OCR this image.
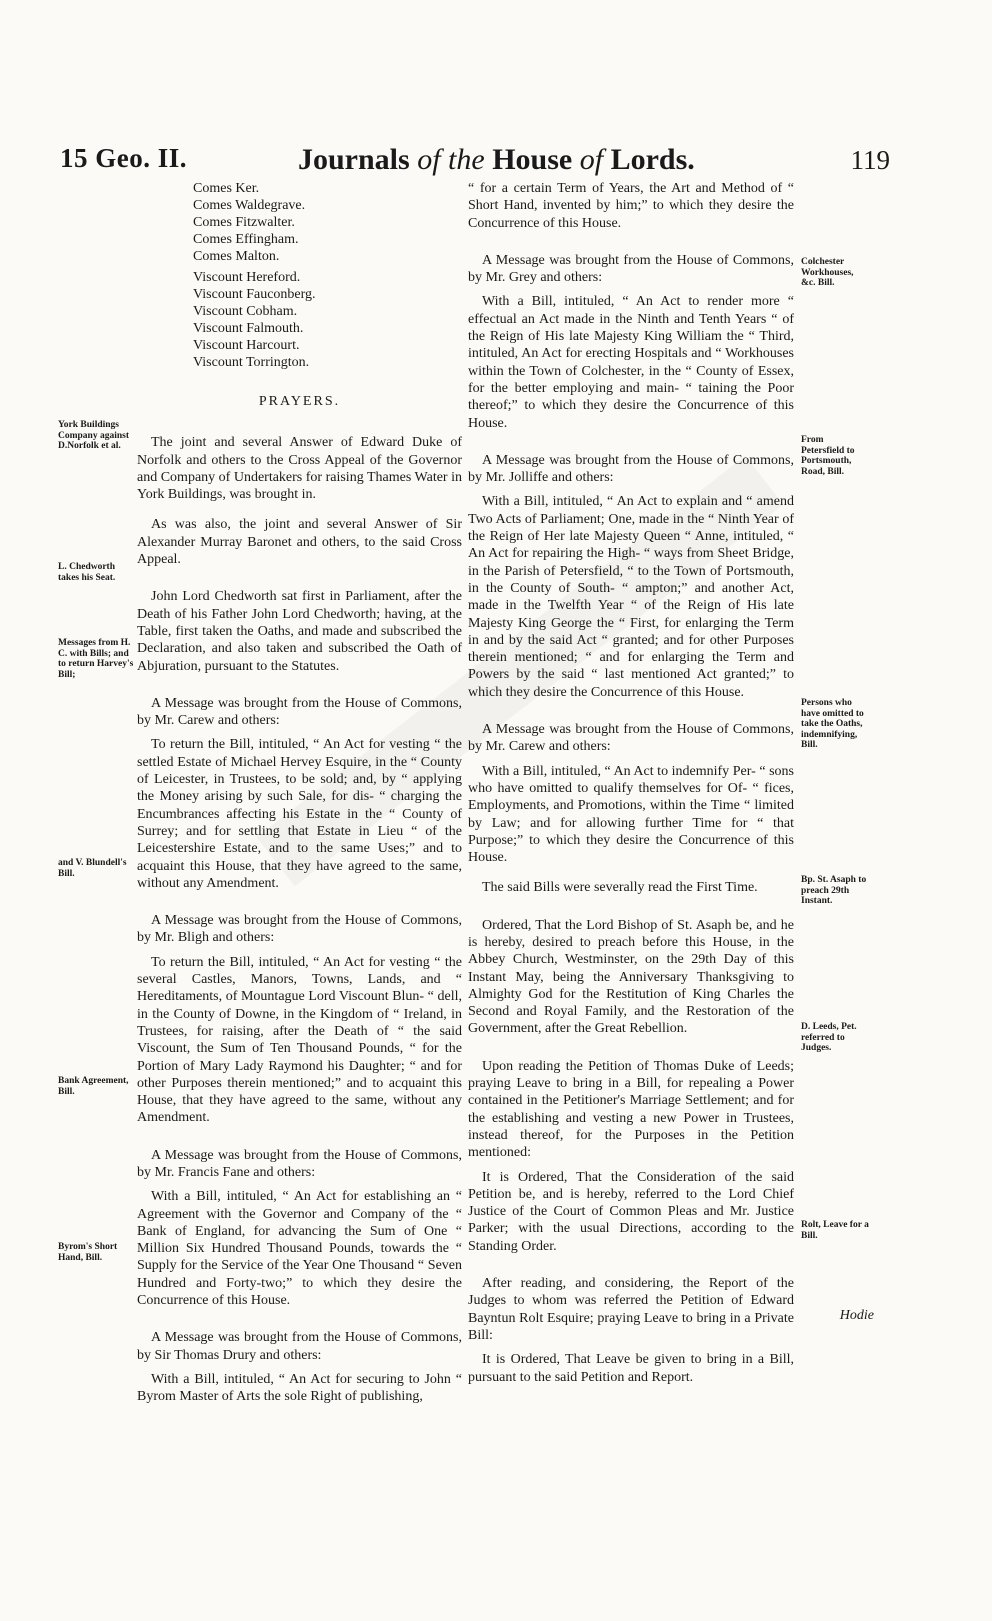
15 Geo. II.	Journals of the House of Lords.	119
Comes Ker.
Comes Waldegrave.
Comes Fitzwalter.
Comes Effingham.
Comes Malton.
Viscount Hereford.
Viscount Fauconberg.
Viscount Cobham.
Viscount Falmouth.
Viscount Harcourt.
Viscount Torrington.
PRAYERS.

The joint and several Answer of Edward Duke of Norfolk and others to the Cross Appeal of the Governor and Company of Undertakers for raising Thames Water in York Buildings, was brought in.

As was also, the joint and several Answer of Sir Alexander Murray Baronet and others, to the said Cross Appeal.

John Lord Chedworth sat first in Parliament, after the Death of his Father John Lord Chedworth; having, at the Table, first taken the Oaths, and made and subscribed the Declaration, and also taken and subscribed the Oath of Abjuration, pursuant to the Statutes.

A Message was brought from the House of Commons, by Mr. Carew and others:

To return the Bill, intituled, “ An Act for vesting “ the settled Estate of Michael Hervey Esquire, in the “ County of Leicester, in Trustees, to be sold; and, by “ applying the Money arising by such Sale, for dis- “ charging the Encumbrances affecting his Estate in the “ County of Surrey; and for settling that Estate in Lieu “ of the Leicestershire Estate, and to the same Uses;” and to acquaint this House, that they have agreed to the same, without any Amendment.

A Message was brought from the House of Commons, by Mr. Bligh and others:

To return the Bill, intituled, “ An Act for vesting “ the several Castles, Manors, Towns, Lands, and “ Hereditaments, of Mountague Lord Viscount Blun- “ dell, in the County of Downe, in the Kingdom of “ Ireland, in Trustees, for raising, after the Death of “ the said Viscount, the Sum of Ten Thousand Pounds, “ for the Portion of Mary Lady Raymond his Daughter; “ and for other Purposes therein mentioned;” and to acquaint this House, that they have agreed to the same, without any Amendment.

A Message was brought from the House of Commons, by Mr. Francis Fane and others:

With a Bill, intituled, “ An Act for establishing an “ Agreement with the Governor and Company of the “ Bank of England, for advancing the Sum of One “ Million Six Hundred Thousand Pounds, towards the “ Supply for the Service of the Year One Thousand “ Seven Hundred and Forty-two;” to which they desire the Concurrence of this House.

A Message was brought from the House of Commons, by Sir Thomas Drury and others:

With a Bill, intituled, “ An Act for securing to John “ Byrom Master of Arts the sole Right of publishing,

“ for a certain Term of Years, the Art and Method of “ Short Hand, invented by him;” to which they desire the Concurrence of this House.

A Message was brought from the House of Commons, by Mr. Grey and others:

With a Bill, intituled, “ An Act to render more “ effectual an Act made in the Ninth and Tenth Years “ of the Reign of His late Majesty King William the “ Third, intituled, An Act for erecting Hospitals and “ Workhouses within the Town of Colchester, in the “ County of Essex, for the better employing and main- “ taining the Poor thereof;” to which they desire the Concurrence of this House.

A Message was brought from the House of Commons, by Mr. Jolliffe and others:

With a Bill, intituled, “ An Act to explain and “ amend Two Acts of Parliament; One, made in the “ Ninth Year of the Reign of Her late Majesty Queen “ Anne, intituled, “ An Act for repairing the High- “ ways from Sheet Bridge, in the Parish of Petersfield, “ to the Town of Portsmouth, in the County of South- “ ampton;” and another Act, made in the Twelfth Year “ of the Reign of His late Majesty King George the “ First, for enlarging the Term in and by the said Act “ granted; and for other Purposes therein mentioned; “ and for enlarging the Term and Powers by the said “ last mentioned Act granted;” to which they desire the Concurrence of this House.

A Message was brought from the House of Commons, by Mr. Carew and others:

With a Bill, intituled, “ An Act to indemnify Per- “ sons who have omitted to qualify themselves for Of- “ fices, Employments, and Promotions, within the Time “ limited by Law; and for allowing further Time for “ that Purpose;” to which they desire the Concurrence of this House.

The said Bills were severally read the First Time.

Ordered, That the Lord Bishop of St. Asaph be, and he is hereby, desired to preach before this House, in the Abbey Church, Westminster, on the 29th Day of this Instant May, being the Anniversary Thanksgiving to Almighty God for the Restitution of King Charles the Second and Royal Family, and the Restoration of the Government, after the Great Rebellion.

Upon reading the Petition of Thomas Duke of Leeds; praying Leave to bring in a Bill, for repealing a Power contained in the Petitioner's Marriage Settlement; and for the establishing and vesting a new Power in Trustees, instead thereof, for the Purposes in the Petition mentioned:

It is Ordered, That the Consideration of the said Petition be, and is hereby, referred to the Lord Chief Justice of the Court of Common Pleas and Mr. Justice Parker; with the usual Directions, according to the Standing Order.

After reading, and considering, the Report of the Judges to whom was referred the Petition of Edward Bayntun Rolt Esquire; praying Leave to bring in a Private Bill:

It is Ordered, That Leave be given to bring in a Bill, pursuant to the said Petition and Report.

Hodie
York Buildings Company against D.Norfolk et al.
L. Chedworth takes his Seat.
Messages from H. C. with Bills; and to return Harvey's Bill;
and V. Blundell's Bill.
Bank Agreement, Bill.
Byrom's Short Hand, Bill.
Colchester Workhouses, &c. Bill.
From Petersfield to Portsmouth, Road, Bill.
Persons who have omitted to take the Oaths, indemnifying, Bill.
Bp. St. Asaph to preach 29th Instant.
D. Leeds, Pet. referred to Judges.
Rolt, Leave for a Bill.
